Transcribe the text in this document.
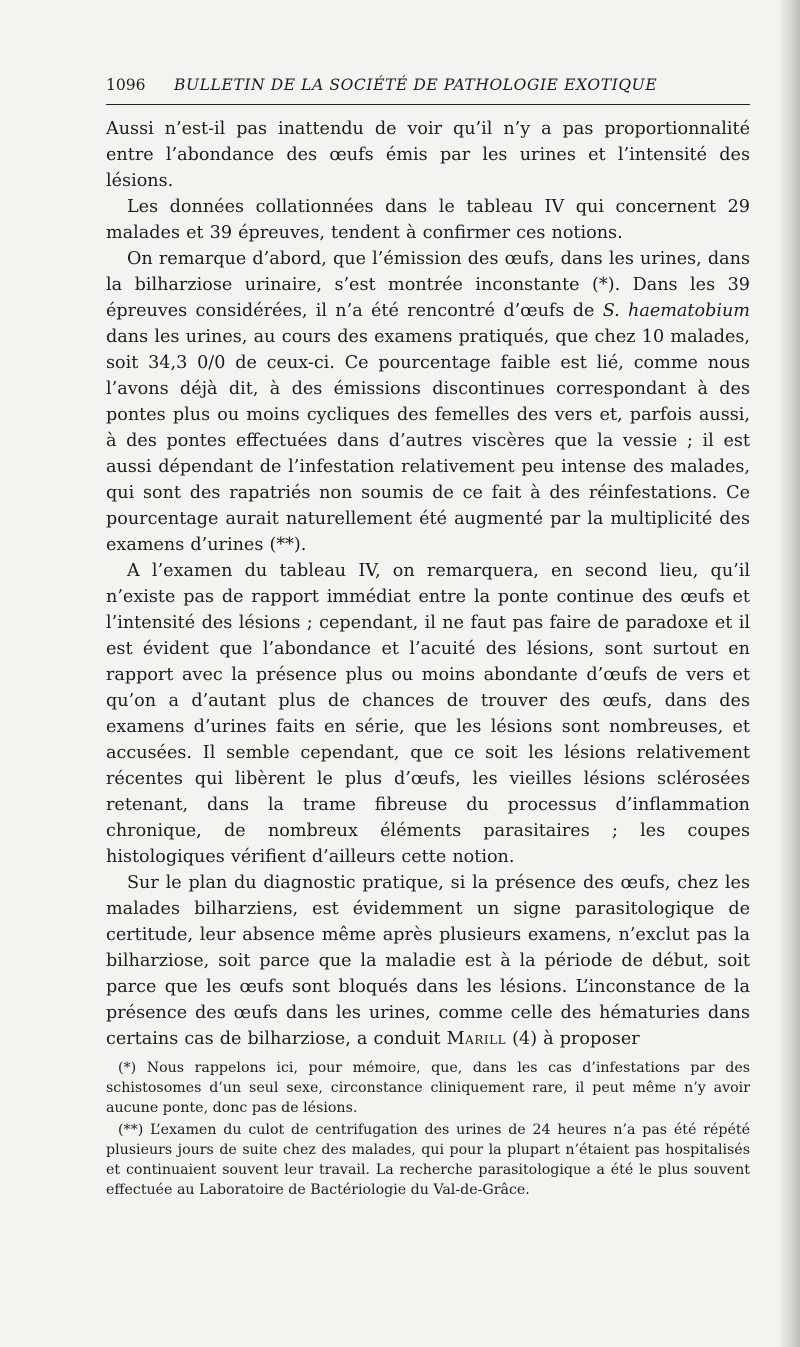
1096 BULLETIN DE LA SOCIÉTÉ DE PATHOLOGIE EXOTIQUE

Aussi n’est-il pas inattendu de voir qu’il n’y a pas proportionnalité entre l’abondance des œufs émis par les urines et l’intensité des lésions.

Les données collationnées dans le tableau IV qui concernent 29 malades et 39 épreuves, tendent à confirmer ces notions.

On remarque d’abord, que l’émission des œufs, dans les urines, dans la bilharziose urinaire, s’est montrée inconstante (*). Dans les 39 épreuves considérées, il n’a été rencontré d’œufs de S. haematobium dans les urines, au cours des examens pratiqués, que chez 10 malades, soit 34,3 0/0 de ceux-ci. Ce pourcentage faible est lié, comme nous l’avons déjà dit, à des émissions discontinues correspondant à des pontes plus ou moins cycliques des femelles des vers et, parfois aussi, à des pontes effectuées dans d’autres viscères que la vessie ; il est aussi dépendant de l’infestation relativement peu intense des malades, qui sont des rapatriés non soumis de ce fait à des réinfestations. Ce pourcentage aurait naturellement été augmenté par la multiplicité des examens d’urines (**).

A l’examen du tableau IV, on remarquera, en second lieu, qu’il n’existe pas de rapport immédiat entre la ponte continue des œufs et l’intensité des lésions ; cependant, il ne faut pas faire de paradoxe et il est évident que l’abondance et l’acuité des lésions, sont surtout en rapport avec la présence plus ou moins abondante d’œufs de vers et qu’on a d’autant plus de chances de trouver des œufs, dans des examens d’urines faits en série, que les lésions sont nombreuses, et accusées. Il semble cependant, que ce soit les lésions relativement récentes qui libèrent le plus d’œufs, les vieilles lésions sclérosées retenant, dans la trame fibreuse du processus d’inflammation chronique, de nombreux éléments parasitaires ; les coupes histologiques vérifient d’ailleurs cette notion.

Sur le plan du diagnostic pratique, si la présence des œufs, chez les malades bilharziens, est évidemment un signe parasitologique de certitude, leur absence même après plusieurs examens, n’exclut pas la bilharziose, soit parce que la maladie est à la période de début, soit parce que les œufs sont bloqués dans les lésions. L’inconstance de la présence des œufs dans les urines, comme celle des hématuries dans certains cas de bilharziose, a conduit Marill (4) à proposer

(*) Nous rappelons ici, pour mémoire, que, dans les cas d’infestations par des schistosomes d’un seul sexe, circonstance cliniquement rare, il peut même n’y avoir aucune ponte, donc pas de lésions.

(**) L’examen du culot de centrifugation des urines de 24 heures n’a pas été répété plusieurs jours de suite chez des malades, qui pour la plupart n’étaient pas hospitalisés et continuaient souvent leur travail. La recherche parasitologique a été le plus souvent effectuée au Laboratoire de Bactériologie du Val-de-Grâce.
